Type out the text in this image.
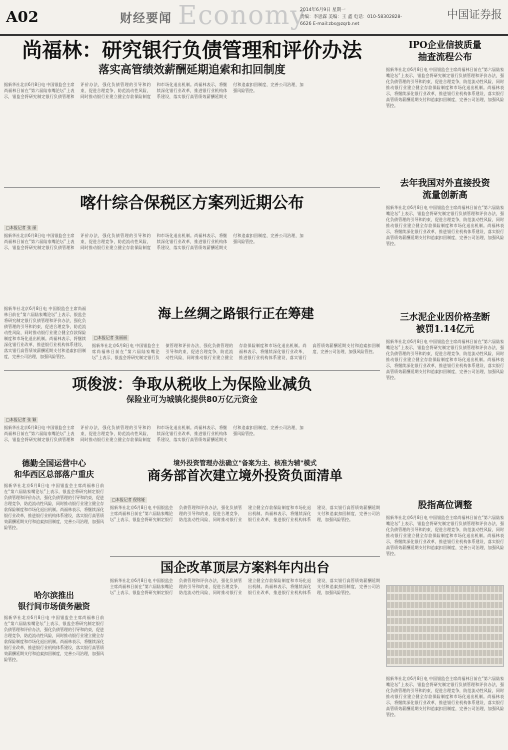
A02	财经要闻 Economy
2014年6月9日 星期一
责编：李思霖 美编：王 鑫 电话：010-58302828-6626 E-mail:zbs@zqrb.net
中国证券报
尚福林：研究银行负债管理和评价办法
落实高管绩效薪酬延期追索和扣回制度
据新华社北京6月8日电 中国银监会主席尚福林日前在“第六届陆家嘴论坛”上表示，银监会将研究制定银行负债管理和评价办法，强化负债管理的引导和约束，促进合理竞争，防范流动性风险，同时推动银行业建立健全存款保险制度和市场化退出机制。尚福林表示，将继续深化银行业改革，推进银行业机构体系建设，落实银行高管绩效薪酬延期支付和追索扣回制度，完善公司治理，加强风险管控。
IPO企业信披质量
抽查流程公布
据新华社北京6月8日电 中国银监会主席尚福林日前在“第六届陆家嘴论坛”上表示，银监会将研究制定银行负债管理和评价办法，强化负债管理的引导和约束，促进合理竞争，防范流动性风险，同时推动银行业建立健全存款保险制度和市场化退出机制。尚福林表示，将继续深化银行业改革，推进银行业机构体系建设，落实银行高管绩效薪酬延期支付和追索扣回制度，完善公司治理，加强风险管控。
喀什综合保税区方案列近期公布
□本报记者 张 丽
据新华社北京6月8日电 中国银监会主席尚福林日前在“第六届陆家嘴论坛”上表示，银监会将研究制定银行负债管理和评价办法，强化负债管理的引导和约束，促进合理竞争，防范流动性风险，同时推动银行业建立健全存款保险制度和市场化退出机制。尚福林表示，将继续深化银行业改革，推进银行业机构体系建设，落实银行高管绩效薪酬延期支付和追索扣回制度，完善公司治理，加强风险管控。
去年我国对外直接投资
流量创新高
据新华社北京6月8日电 中国银监会主席尚福林日前在“第六届陆家嘴论坛”上表示，银监会将研究制定银行负债管理和评价办法，强化负债管理的引导和约束，促进合理竞争，防范流动性风险，同时推动银行业建立健全存款保险制度和市场化退出机制。尚福林表示，将继续深化银行业改革，推进银行业机构体系建设，落实银行高管绩效薪酬延期支付和追索扣回制度，完善公司治理，加强风险管控。
海上丝绸之路银行正在筹建
□本报记者 张丽丽
据新华社北京6月8日电 中国银监会主席尚福林日前在“第六届陆家嘴论坛”上表示，银监会将研究制定银行负债管理和评价办法，强化负债管理的引导和约束，促进合理竞争，防范流动性风险，同时推动银行业建立健全存款保险制度和市场化退出机制。尚福林表示，将继续深化银行业改革，推进银行业机构体系建设，落实银行高管绩效薪酬延期支付和追索扣回制度，完善公司治理，加强风险管控。
据新华社北京6月8日电 中国银监会主席尚福林日前在“第六届陆家嘴论坛”上表示，银监会将研究制定银行负债管理和评价办法，强化负债管理的引导和约束，促进合理竞争，防范流动性风险，同时推动银行业建立健全存款保险制度和市场化退出机制。尚福林表示，将继续深化银行业改革，推进银行业机构体系建设，落实银行高管绩效薪酬延期支付和追索扣回制度，完善公司治理，加强风险管控。
三水泥企业因价格垄断
被罚1.14亿元
据新华社北京6月8日电 中国银监会主席尚福林日前在“第六届陆家嘴论坛”上表示，银监会将研究制定银行负债管理和评价办法，强化负债管理的引导和约束，促进合理竞争，防范流动性风险，同时推动银行业建立健全存款保险制度和市场化退出机制。尚福林表示，将继续深化银行业改革，推进银行业机构体系建设，落实银行高管绩效薪酬延期支付和追索扣回制度，完善公司治理，加强风险管控。
项俊波：争取从税收上为保险业减负
保险业可为城镇化提供80万亿元资金
□本报记者 张 颖
据新华社北京6月8日电 中国银监会主席尚福林日前在“第六届陆家嘴论坛”上表示，银监会将研究制定银行负债管理和评价办法，强化负债管理的引导和约束，促进合理竞争，防范流动性风险，同时推动银行业建立健全存款保险制度和市场化退出机制。尚福林表示，将继续深化银行业改革，推进银行业机构体系建设，落实银行高管绩效薪酬延期支付和追索扣回制度，完善公司治理，加强风险管控。
德勤全国运营中心
和华西区总部落户重庆
据新华社北京6月8日电 中国银监会主席尚福林日前在“第六届陆家嘴论坛”上表示，银监会将研究制定银行负债管理和评价办法，强化负债管理的引导和约束，促进合理竞争，防范流动性风险，同时推动银行业建立健全存款保险制度和市场化退出机制。尚福林表示，将继续深化银行业改革，推进银行业机构体系建设，落实银行高管绩效薪酬延期支付和追索扣回制度，完善公司治理，加强风险管控。
境外投资管理办法确立"备案为主、核准为辅"模式
商务部首次建立境外投资负面清单
□本报记者 倪铭娅
据新华社北京6月8日电 中国银监会主席尚福林日前在“第六届陆家嘴论坛”上表示，银监会将研究制定银行负债管理和评价办法，强化负债管理的引导和约束，促进合理竞争，防范流动性风险，同时推动银行业建立健全存款保险制度和市场化退出机制。尚福林表示，将继续深化银行业改革，推进银行业机构体系建设，落实银行高管绩效薪酬延期支付和追索扣回制度，完善公司治理，加强风险管控。
股指高位调整
据新华社北京6月8日电 中国银监会主席尚福林日前在“第六届陆家嘴论坛”上表示，银监会将研究制定银行负债管理和评价办法，强化负债管理的引导和约束，促进合理竞争，防范流动性风险，同时推动银行业建立健全存款保险制度和市场化退出机制。尚福林表示，将继续深化银行业改革，推进银行业机构体系建设，落实银行高管绩效薪酬延期支付和追索扣回制度，完善公司治理，加强风险管控。
国企改革顶层方案料年内出台
据新华社北京6月8日电 中国银监会主席尚福林日前在“第六届陆家嘴论坛”上表示，银监会将研究制定银行负债管理和评价办法，强化负债管理的引导和约束，促进合理竞争，防范流动性风险，同时推动银行业建立健全存款保险制度和市场化退出机制。尚福林表示，将继续深化银行业改革，推进银行业机构体系建设，落实银行高管绩效薪酬延期支付和追索扣回制度，完善公司治理，加强风险管控。
哈尔滨推出
银行间市场债务融资
据新华社北京6月8日电 中国银监会主席尚福林日前在“第六届陆家嘴论坛”上表示，银监会将研究制定银行负债管理和评价办法，强化负债管理的引导和约束，促进合理竞争，防范流动性风险，同时推动银行业建立健全存款保险制度和市场化退出机制。尚福林表示，将继续深化银行业改革，推进银行业机构体系建设，落实银行高管绩效薪酬延期支付和追索扣回制度，完善公司治理，加强风险管控。
据新华社北京6月8日电 中国银监会主席尚福林日前在“第六届陆家嘴论坛”上表示，银监会将研究制定银行负债管理和评价办法，强化负债管理的引导和约束，促进合理竞争，防范流动性风险，同时推动银行业建立健全存款保险制度和市场化退出机制。尚福林表示，将继续深化银行业改革，推进银行业机构体系建设，落实银行高管绩效薪酬延期支付和追索扣回制度，完善公司治理，加强风险管控。
